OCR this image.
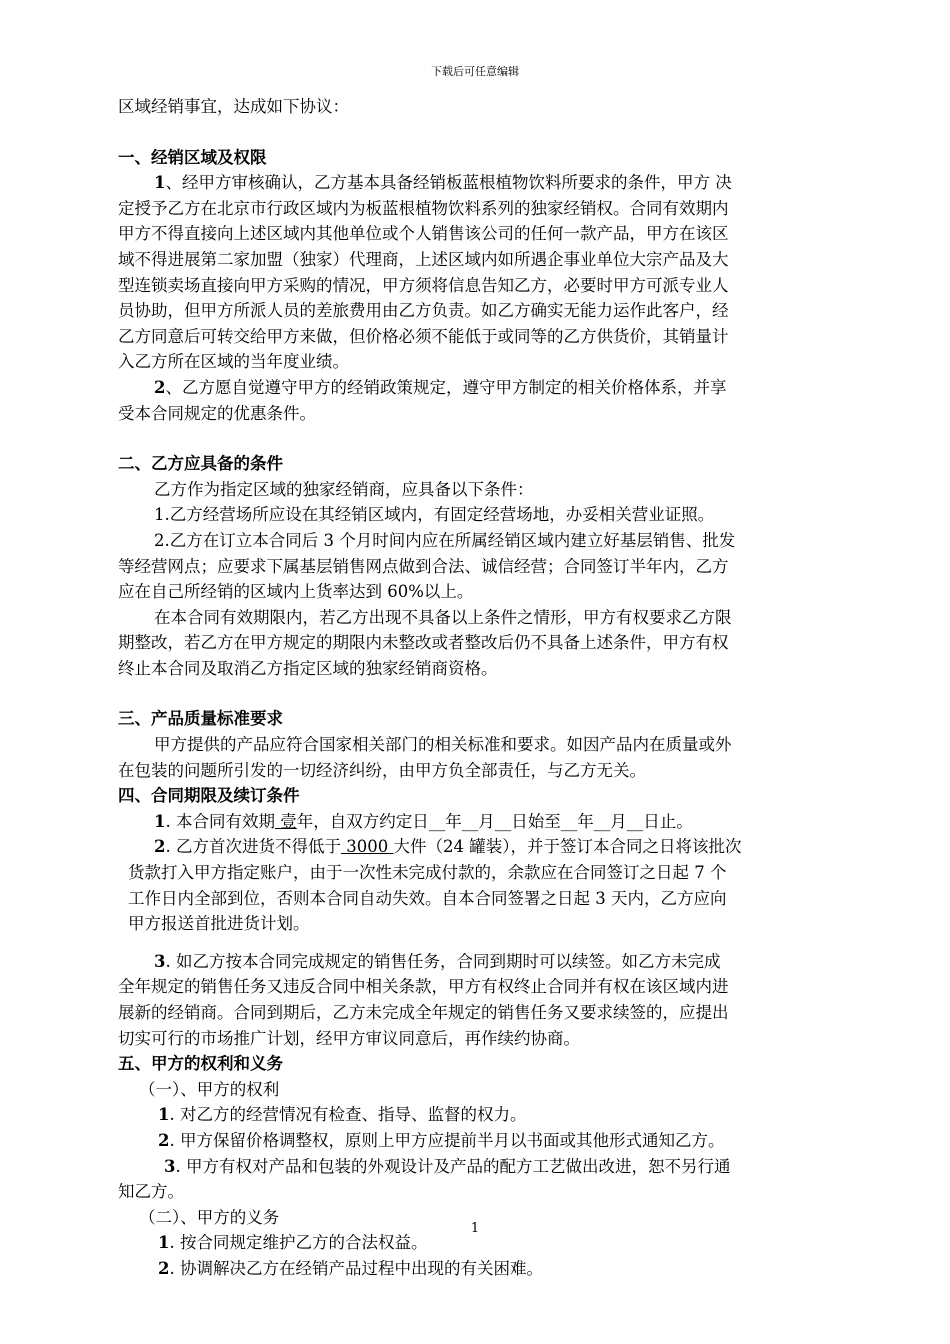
下载后可任意编辑
区域经销事宜，达成如下协议：
一、经销区域及权限
1、经甲方审核确认，乙方基本具备经销板蓝根植物饮料所要求的条件，甲方 决
定授予乙方在北京市行政区域内为板蓝根植物饮料系列的独家经销权。合同有效期内
甲方不得直接向上述区域内其他单位或个人销售该公司的任何一款产品，甲方在该区
域不得进展第二家加盟（独家）代理商，上述区域内如所遇企事业单位大宗产品及大
型连锁卖场直接向甲方采购的情况，甲方须将信息告知乙方，必要时甲方可派专业人
员协助，但甲方所派人员的差旅费用由乙方负责。如乙方确实无能力运作此客户，经
乙方同意后可转交给甲方来做，但价格必须不能低于或同等的乙方供货价，其销量计
入乙方所在区域的当年度业绩。
2、乙方愿自觉遵守甲方的经销政策规定，遵守甲方制定的相关价格体系，并享
受本合同规定的优惠条件。
二、乙方应具备的条件
乙方作为指定区域的独家经销商，应具备以下条件：
1.乙方经营场所应设在其经销区域内，有固定经营场地，办妥相关营业证照。
2.乙方在订立本合同后 3 个月时间内应在所属经销区域内建立好基层销售、批发
等经营网点；应要求下属基层销售网点做到合法、诚信经营；合同签订半年内，乙方
应在自己所经销的区域内上货率达到 60%以上。
在本合同有效期限内，若乙方出现不具备以上条件之情形，甲方有权要求乙方限
期整改，若乙方在甲方规定的期限内未整改或者整改后仍不具备上述条件，甲方有权
终止本合同及取消乙方指定区域的独家经销商资格。
三、产品质量标准要求
甲方提供的产品应符合国家相关部门的相关标准和要求。如因产品内在质量或外
在包装的问题所引发的一切经济纠纷，由甲方负全部责任，与乙方无关。
四、合同期限及续订条件
1. 本合同有效期 壹年，自双方约定日__年__月__日始至__年__月__日止。
2. 乙方首次进货不得低于 3000 大件（24 罐装），并于签订本合同之日将该批次
货款打入甲方指定账户，由于一次性未完成付款的，余款应在合同签订之日起 7 个
工作日内全部到位，否则本合同自动失效。自本合同签署之日起 3 天内，乙方应向
甲方报送首批进货计划。
3. 如乙方按本合同完成规定的销售任务，合同到期时可以续签。如乙方未完成
全年规定的销售任务又违反合同中相关条款，甲方有权终止合同并有权在该区域内进
展新的经销商。合同到期后，乙方未完成全年规定的销售任务又要求续签的，应提出
切实可行的市场推广计划，经甲方审议同意后，再作续约协商。
五、甲方的权利和义务
（一）、甲方的权利
1. 对乙方的经营情况有检查、指导、监督的权力。
2. 甲方保留价格调整权，原则上甲方应提前半月以书面或其他形式通知乙方。
3. 甲方有权对产品和包装的外观设计及产品的配方工艺做出改进，恕不另行通
知乙方。
（二）、甲方的义务
1. 按合同规定维护乙方的合法权益。
2. 协调解决乙方在经销产品过程中出现的有关困难。
1
